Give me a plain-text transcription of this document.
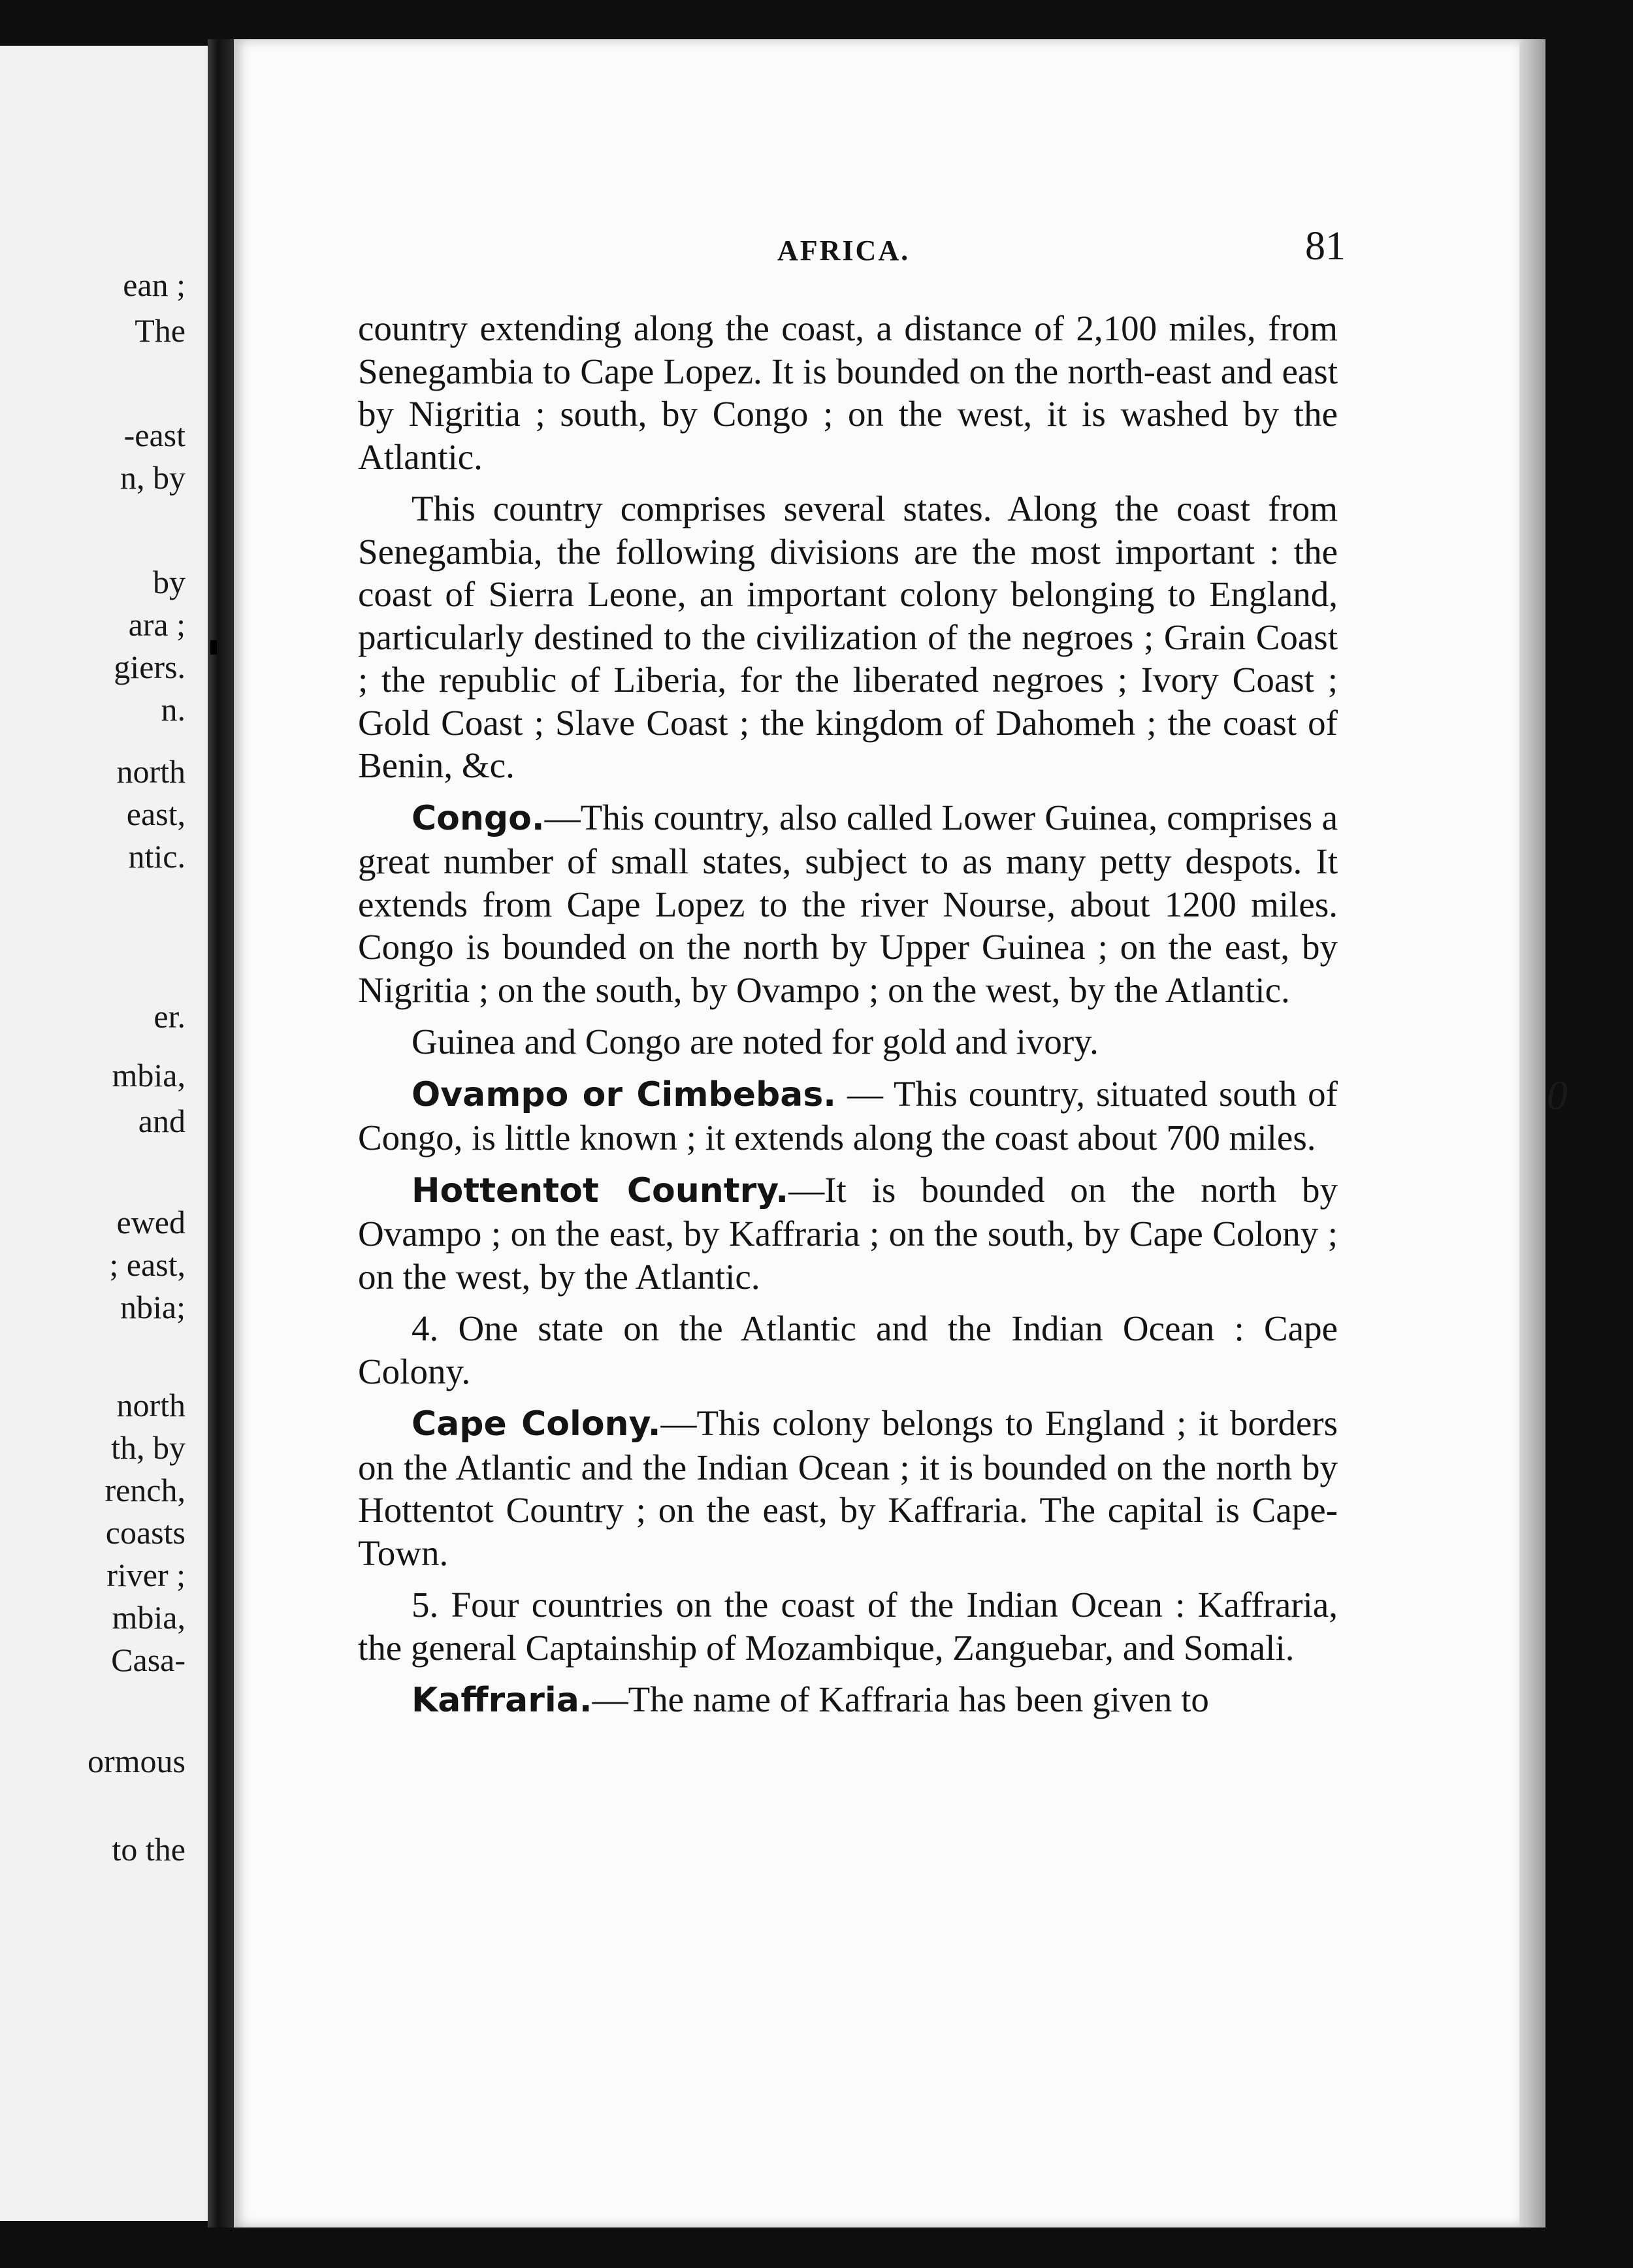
ean ;
The
-east
n, by
by
ara ;
giers.
n.
north
east,
ntic.
er.
mbia,
and
ewed
; east,
nbia;
north
th, by
rench,
coasts
river ;
mbia,
Casa-
ormous
to the
0
AFRICA.	81

country extending along the coast, a distance of 2,100 miles, from Senegambia to Cape Lopez. It is bounded on the north-east and east by Nigritia ; south, by Congo ; on the west, it is washed by the Atlantic.

This country comprises several states. Along the coast from Senegambia, the following divisions are the most important : the coast of Sierra Leone, an important colony belonging to England, particularly destined to the civilization of the negroes ; Grain Coast ; the republic of Liberia, for the liberated negroes ; Ivory Coast ; Gold Coast ; Slave Coast ; the kingdom of Dahomeh ; the coast of Benin, &c.

Congo.—This country, also called Lower Guinea, comprises a great number of small states, subject to as many petty despots. It extends from Cape Lopez to the river Nourse, about 1200 miles. Congo is bounded on the north by Upper Guinea ; on the east, by Nigritia ; on the south, by Ovampo ; on the west, by the Atlantic.

Guinea and Congo are noted for gold and ivory.

Ovampo or Cimbebas. — This country, situated south of Congo, is little known ; it extends along the coast about 700 miles.

Hottentot Country.—It is bounded on the north by Ovampo ; on the east, by Kaffraria ; on the south, by Cape Colony ; on the west, by the Atlantic.

4. One state on the Atlantic and the Indian Ocean : Cape Colony.

Cape Colony.—This colony belongs to England ; it borders on the Atlantic and the Indian Ocean ; it is bounded on the north by Hottentot Country ; on the east, by Kaffraria. The capital is Cape-Town.

5. Four countries on the coast of the Indian Ocean : Kaffraria, the general Captainship of Mozambique, Zanguebar, and Somali.

Kaffraria.—The name of Kaffraria has been given to
